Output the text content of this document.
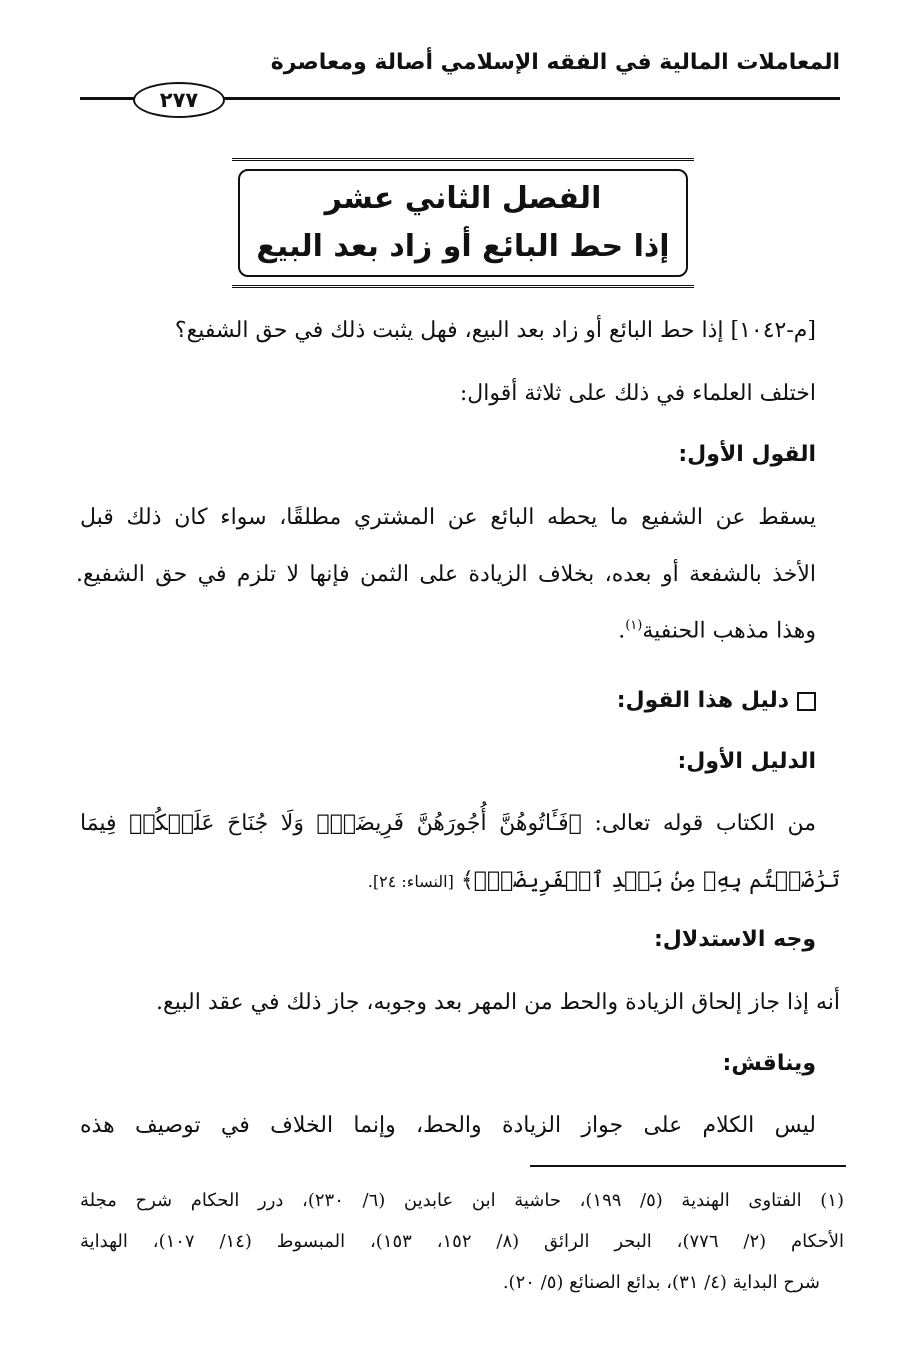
المعاملات المالية في الفقه الإسلامي أصالة ومعاصرة
٢٧٧
الفصل الثاني عشر
إذا حط البائع أو زاد بعد البيع
[م-١٠٤٢] إذا حط البائع أو زاد بعد البيع، فهل يثبت ذلك في حق الشفيع؟
اختلف العلماء في ذلك على ثلاثة أقوال:
القول الأول:
يسقط عن الشفيع ما يحطه البائع عن المشتري مطلقًا، سواء كان ذلك قبل
الأخذ بالشفعة أو بعده، بخلاف الزيادة على الثمن فإنها لا تلزم في حق الشفيع.
وهذا مذهب الحنفية$^{(١)}$.
دليل هذا القول:
الدليل الأول:
من الكتاب قوله تعالى: ﴿فَـَٔاتُوهُنَّ أُجُورَهُنَّ فَرِيضَةًۚ وَلَا جُنَاحَ عَلَيۡكُمۡ فِيمَا
تَرَٰضَيۡتُم بِهِۦ مِنۢ بَعۡدِ ٱلۡفَرِيضَةِۚ﴾ [النساء: ٢٤].
وجه الاستدلال:
أنه إذا جاز إلحاق الزيادة والحط من المهر بعد وجوبه، جاز ذلك في عقد البيع.
ويناقش:
ليس الكلام على جواز الزيادة والحط، وإنما الخلاف في توصيف هذه
(١) الفتاوى الهندية (٥/ ١٩٩)، حاشية ابن عابدين (٦/ ٢٣٠)، درر الحكام شرح مجلة
الأحكام (٢/ ٧٧٦)، البحر الرائق (٨/ ١٥٢، ١٥٣)، المبسوط (١٤/ ١٠٧)، الهداية
شرح البداية (٤/ ٣١)، بدائع الصنائع (٥/ ٢٠).
